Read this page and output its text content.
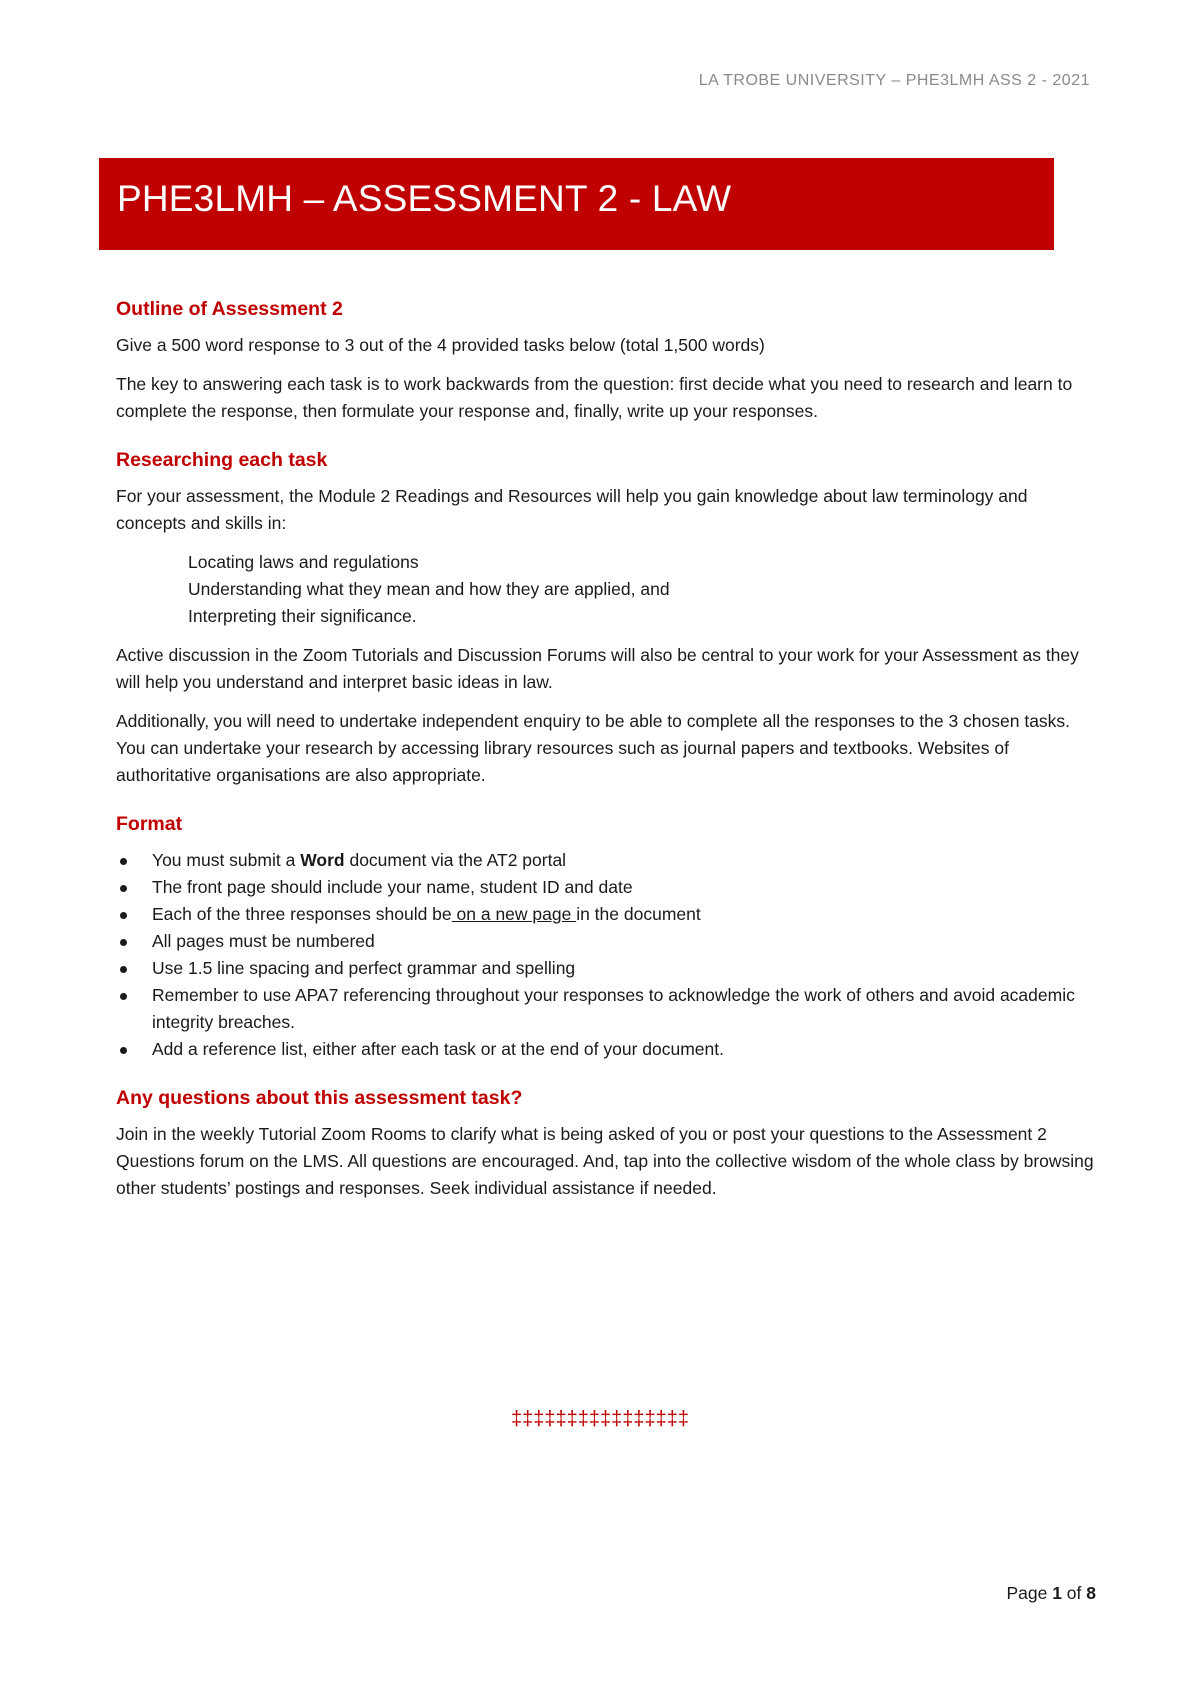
LA TROBE UNIVERSITY – PHE3LMH ASS 2 - 2021
PHE3LMH – ASSESSMENT 2 - LAW
Outline of Assessment 2

Give a 500 word response to 3 out of the 4 provided tasks below (total 1,500 words)

The key to answering each task is to work backwards from the question: first decide what you need to research and learn to complete the response, then formulate your response and, finally, write up your responses.

Researching each task

For your assessment, the Module 2 Readings and Resources will help you gain knowledge about law terminology and concepts and skills in:

Locating laws and regulations
Understanding what they mean and how they are applied, and
Interpreting their significance.

Active discussion in the Zoom Tutorials and Discussion Forums will also be central to your work for your Assessment as they will help you understand and interpret basic ideas in law.

Additionally, you will need to undertake independent enquiry to be able to complete all the responses to the 3 chosen tasks. You can undertake your research by accessing library resources such as journal papers and textbooks. Websites of authoritative organisations are also appropriate.

Format
You must submit a Word document via the AT2 portal
The front page should include your name, student ID and date
Each of the three responses should be on a new page in the document
All pages must be numbered
Use 1.5 line spacing and perfect grammar and spelling
Remember to use APA7 referencing throughout your responses to acknowledge the work of others and avoid academic integrity breaches.
Add a reference list, either after each task or at the end of your document.
Any questions about this assessment task?

Join in the weekly Tutorial Zoom Rooms to clarify what is being asked of you or post your questions to the Assessment 2 Questions forum on the LMS. All questions are encouraged. And, tap into the collective wisdom of the whole class by browsing other students’ postings and responses. Seek individual assistance if needed.

‡‡‡‡‡‡‡‡‡‡‡‡‡‡‡‡
Page 1 of 8
